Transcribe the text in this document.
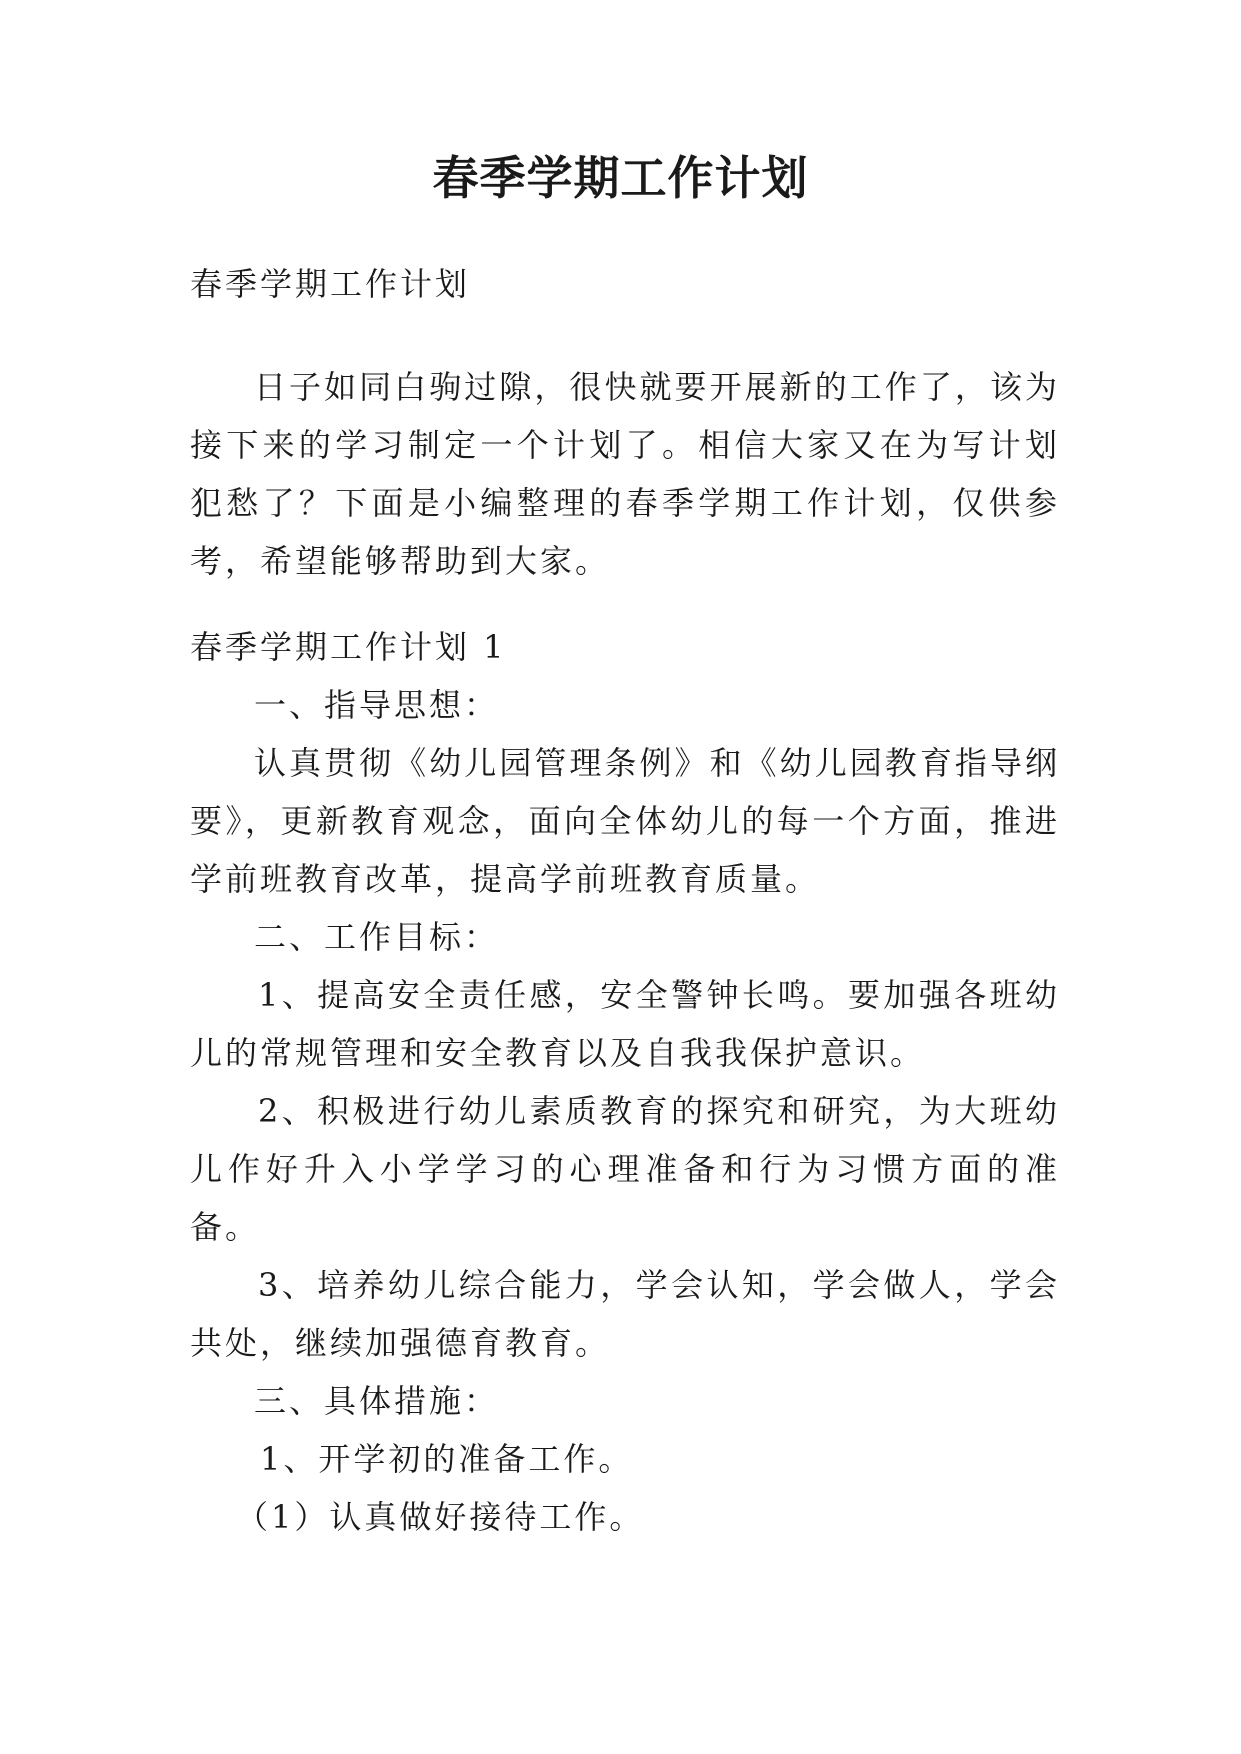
春季学期工作计划

春季学期工作计划

日子如同白驹过隙，很快就要开展新的工作了，该为接下来的学习制定一个计划了。相信大家又在为写计划犯愁了？下面是小编整理的春季学期工作计划，仅供参考，希望能够帮助到大家。

春季学期工作计划 1

一、指导思想：

认真贯彻《幼儿园管理条例》和《幼儿园教育指导纲要》，更新教育观念，面向全体幼儿的每一个方面，推进学前班教育改革，提高学前班教育质量。

二、工作目标：

1、提高安全责任感，安全警钟长鸣。要加强各班幼儿的常规管理和安全教育以及自我我保护意识。

2、积极进行幼儿素质教育的探究和研究，为大班幼儿作好升入小学学习的心理准备和行为习惯方面的准备。

3、培养幼儿综合能力，学会认知，学会做人，学会共处，继续加强德育教育。

三、具体措施：

1、开学初的准备工作。

（1）认真做好接待工作。
